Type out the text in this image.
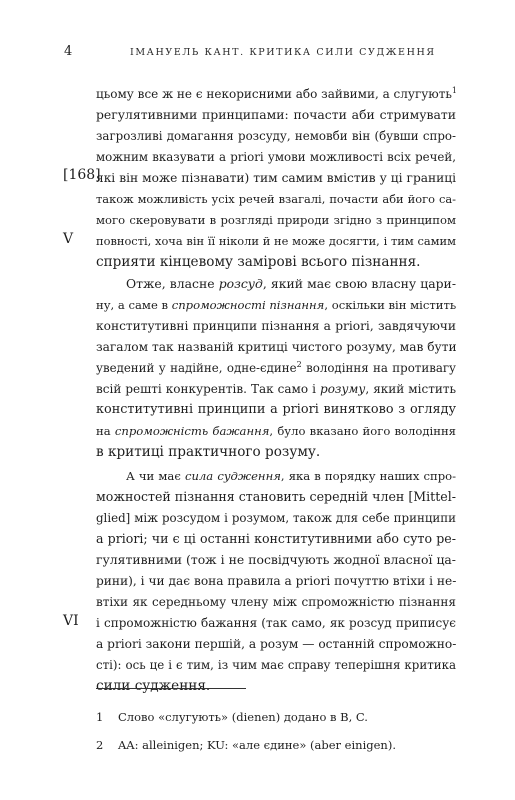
4	ІМАНУЕЛЬ КАНТ. КРИТИКА СИЛИ СУДЖЕННЯ
[168]
V
VI
цьому все ж не є некорисними або зайвими, а слугують$^1$
регулятивними принципами: почасти аби стримувати
загрозливі домагання розсуду, немовби він (бувши спро-
можним вказувати a priori умови можливості всіх речей,
які він може пізнавати) тим самим вмістив у ці границі
також можливість усіх речей взагалі, почасти аби його са-
мого скеровувати в розгляді природи згідно з принципом
повності, хоча він її ніколи й не може досягти, і тим самим
сприяти кінцевому замірові всього пізнання.
Отже, власне розсуд, який має свою власну цари-
ну, а саме в спроможності пізнання, оскільки він містить
конститутивні принципи пізнання a priori, завдячуючи
загалом так названій критиці чистого розуму, мав бути
уведений у надійне, одне-єдине$^2$ володіння на противагу
всій решті конкурентів. Так само і розуму, який містить
конститутивні принципи a priori винятково з огляду
на спроможність бажання, було вказано його володіння
в критиці практичного розуму.
А чи має сила судження, яка в порядку наших спро-
можностей пізнання становить середній член [Mittel-
glied] між розсудом і розумом, також для себе принципи
a priori; чи є ці останні конститутивними або суто ре-
гулятивними (тож і не посвідчують жодної власної ца-
рини), і чи дає вона правила a priori почуттю втіхи і не-
втіхи як середньому члену між спроможністю пізнання
і спроможністю бажання (так само, як розсуд приписує
a priori закони першій, а розум — останній спроможно-
сті): ось це і є тим, із чим має справу теперішня критика
сили судження.
1 Слово «слугують» (dienen) додано в B, C.
2 AA: alleinigen; KU: «але єдине» (aber einigen).
